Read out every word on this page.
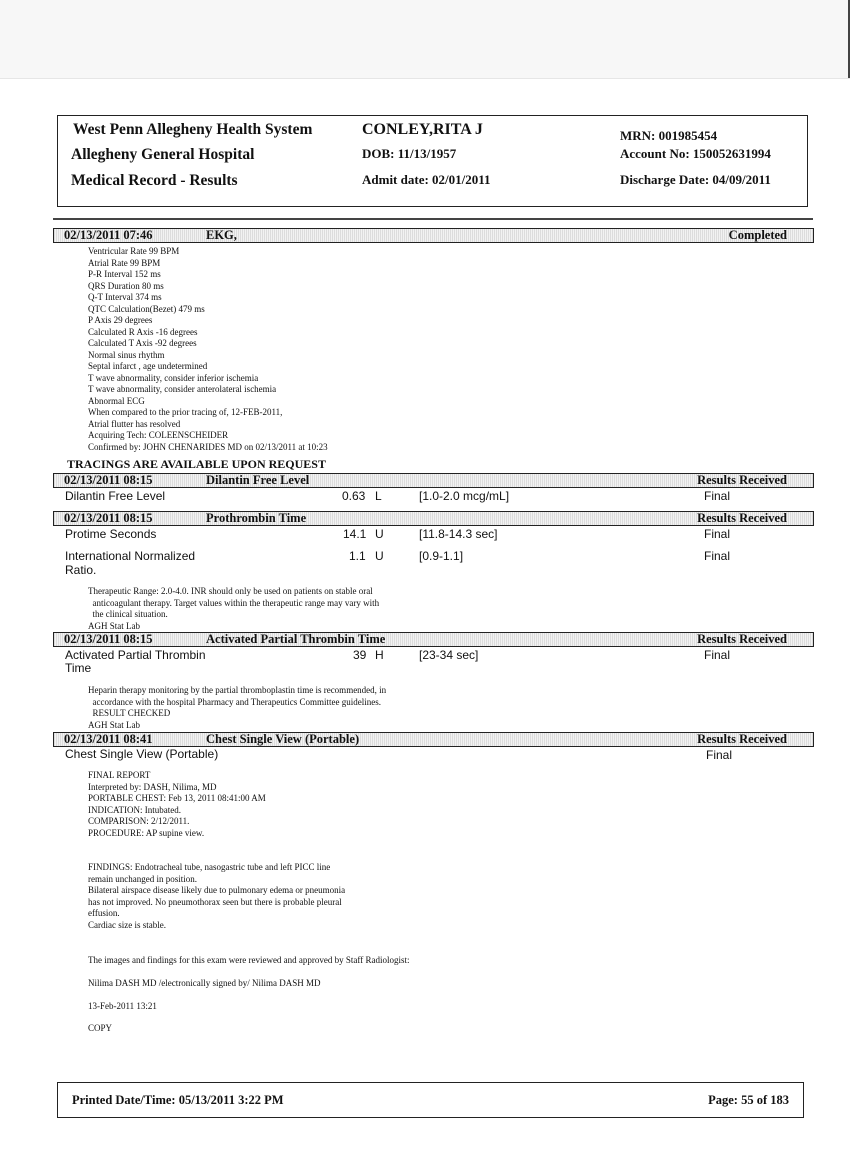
West Penn Allegheny Health System
Allegheny General Hospital
Medical Record - Results
CONLEY,RITA J
DOB: 11/13/1957
Admit date: 02/01/2011
MRN: 001985454
Account No: 150052631994
Discharge Date: 04/09/2011
02/13/2011 07:46	EKG,	Completed
Ventricular Rate 99 BPM
Atrial Rate 99 BPM
P-R Interval 152 ms
QRS Duration 80 ms
Q-T Interval 374 ms
QTC Calculation(Bezet) 479 ms
P Axis 29 degrees
Calculated R Axis -16 degrees
Calculated T Axis -92 degrees
Normal sinus rhythm
Septal infarct , age undetermined
T wave abnormality, consider inferior ischemia
T wave abnormality, consider anterolateral ischemia
Abnormal ECG
When compared to the prior tracing of, 12-FEB-2011,
Atrial flutter has resolved
Acquiring Tech: COLEENSCHEIDER
Confirmed by: JOHN CHENARIDES MD on 02/13/2011 at 10:23
TRACINGS ARE AVAILABLE UPON REQUEST
02/13/2011 08:15	Dilantin Free Level	Results Received
Dilantin Free Level	0.63 L	[1.0-2.0 mcg/mL]	Final
02/13/2011 08:15	Prothrombin Time	Results Received
Protime Seconds	14.1 U	[11.8-14.3 sec]	Final
International Normalized
Ratio.
1.1 U	[0.9-1.1]	Final
Therapeutic Range: 2.0-4.0. INR should only be used on patients on stable oral
anticoagulant therapy. Target values within the therapeutic range may vary with
the clinical situation.
AGH Stat Lab
02/13/2011 08:15	Activated Partial Thrombin Time	Results Received
Activated Partial Thrombin
Time
39 H	[23-34 sec]	Final
Heparin therapy monitoring by the partial thromboplastin time is recommended, in
accordance with the hospital Pharmacy and Therapeutics Committee guidelines.
RESULT CHECKED
AGH Stat Lab
02/13/2011 08:41	Chest Single View (Portable)	Results Received
Chest Single View (Portable)	Final
FINAL REPORT
Interpreted by: DASH, Nilima, MD
PORTABLE CHEST: Feb 13, 2011 08:41:00 AM
INDICATION: Intubated.
COMPARISON: 2/12/2011.
PROCEDURE: AP supine view.
FINDINGS: Endotracheal tube, nasogastric tube and left PICC line
remain unchanged in position.
Bilateral airspace disease likely due to pulmonary edema or pneumonia
has not improved. No pneumothorax seen but there is probable pleural
effusion.
Cardiac size is stable.
The images and findings for this exam were reviewed and approved by Staff Radiologist:
Nilima DASH MD /electronically signed by/ Nilima DASH MD
13-Feb-2011 13:21
COPY
Printed Date/Time: 05/13/2011 3:22 PM	Page: 55 of 183
